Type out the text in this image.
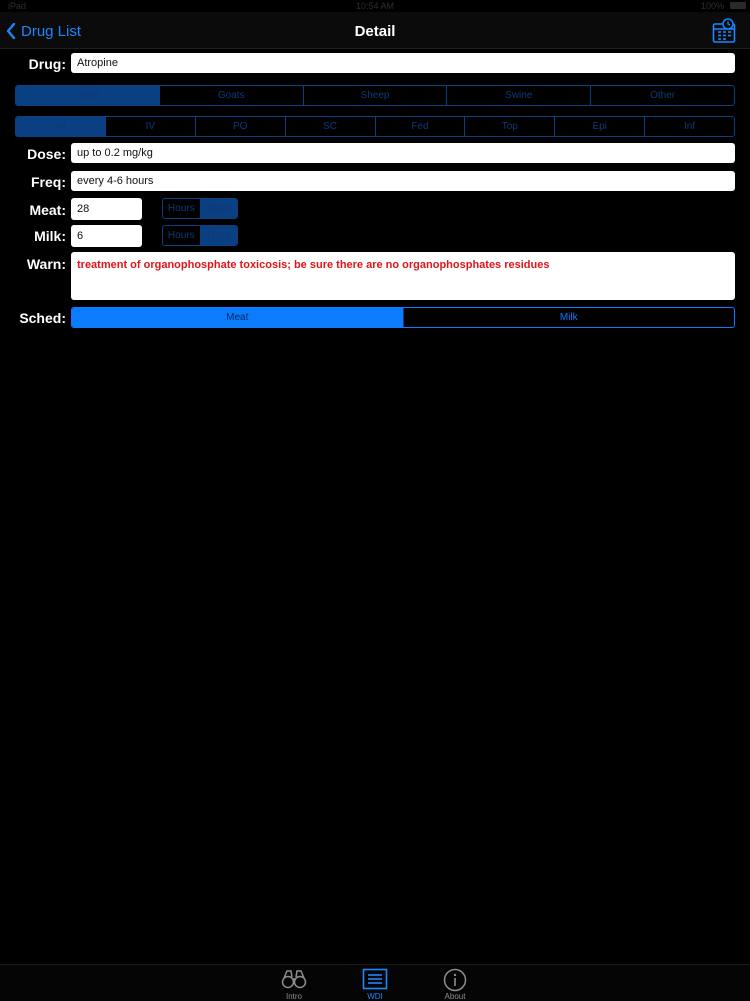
iPad	10:54 AM	100%
Drug List	Detail
Drug:	Atropine
Cattle	Goats	Sheep	Swine	Other
IM	IV	PO	SC	Fed	Top	Epi	Inf
Dose:	up to 0.2 mg/kg
Freq:	every 4-6 hours
Meat:	28	Hours	Days
Milk:	6	Hours	Days
Warn:	treatment of organophosphate toxicosis; be sure there are no organophosphates residues
Sched:	Meat	Milk
Intro	WDI	About
